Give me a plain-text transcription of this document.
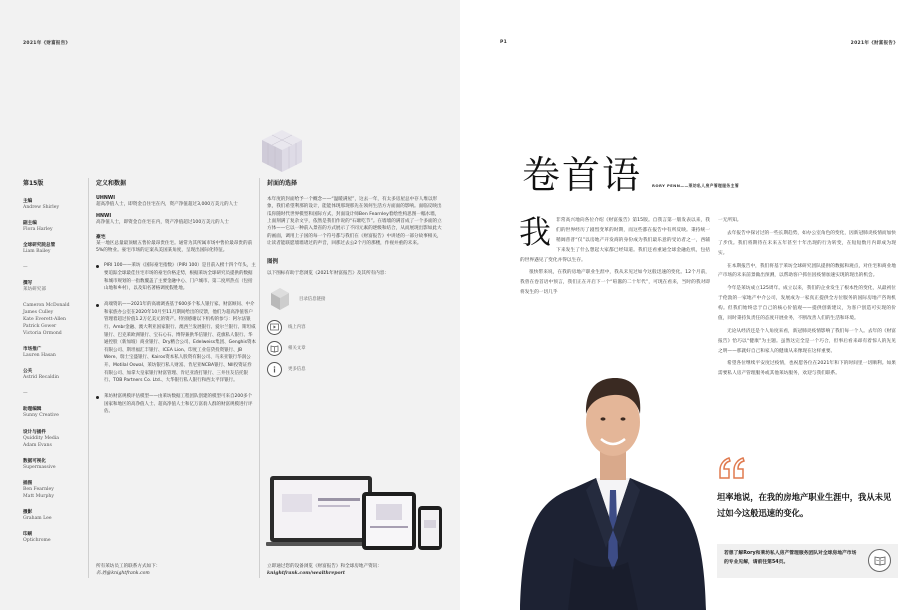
2021年《财富报告》
第15版
主编
Andrew Shirley
副主编
Flora Harley
全球研究院总管
Liam Bailey
—
撰写
莱坊研究部
Cameron McDonald
James Culley
Kate Everett-Allen
Patrick Gower
Victoria Ormond
市场推广
Lauren Hasan
公关
Astrid Recaldin
—
助理编辑
Sunny Creative
设计与插件
Quiddity Media
Adam Evans
数据可视化
Supermassive
插图
Ben Fearnley
Matt Murphy
摄影
Graham Lee
印刷
Optichrome
定义和数据
UHNWI
超高净值人士，即资金自住宅在内，资产净值超过3,000万美元的人士
HNWI
高净值人士，即资金自住宅在内，资产净值超过100万美元的人士
豪宅
某一地区总量最顶级五售价最昂贵住宅。通常为其所属市场中售价最昂贵的前5%的物业。豪宅市场的定案从美国某角度，呈现出国际化特征。
PIRI 100——莱坊《国际豪宅指数》（PIRI 100）是目前入榜十四个年头，主要追踪全球最佳住宅市场的豪宅价格走势，根据莱坊全球研究员提供的数据和城市规划的一指数覆盖了主要金融中心、门户城市、第二度所热点（包括山地和乡村），以及知名著格调度假胜地。
高端资讯——2021年的高端调查基于600多个私人银行家、财富顾问、中介和家族办公室在2020年10月至11月期间给出的反馈，他们为超高净值客户管理着超过价值1.2万亿美元的资产。特别感谢以下机构的参与：阿尔法银行、Ambr金融、澳大利亚国家银行、澳西兰发展银行、爱尔兰银行、斯坦威银行、巴克莱欧洲银行、宝石心石、博得兼供华信银行、花旗私人银行、华通控股（新加坡）商业银行、Dry精合公司、Edelweiss集团、Genghis资本有限公司、斯坦福汇丰银行、ICEA Lion、印度工业信贷投资银行、JB Were、瑞士宝盛银行、Kairos资本私人股资有限公司、马来亚银行华润公开、Motilal Oswal、莱坊银行私人财富、肯尼亚NCBA银行、NII投资证券有限公司、加拿大皇家银行财富管理、肯尼亚渣打银行、三井住友信托银行、TOB Partners Co. Ltd.、大华银行私人银行和西太平洋银行。
莱坊财富规模评估模型——由莱坊数据工程团队创建的模型可来自200多个国家和地区的高净值人士、超高净值人士和亿万富翁人群的财富规模进行评估。
所有莱坊员工的联系方式如下：
名.姓@knightfrank.com
封面的选择
本年度的封面给予一个概念——“温暖满屋”，这去一年，有太多房屋总中存人堆以形象，我们希望利那的设计，能能体现那现那先在领何生活方方面面的影响。面临反映出瓜你随时代世界模型和国际方式，封面设计师Ben Fearnley着绘性构思图一幅水墙，上面刻满了复杂文字，依然是我们作说的“石璀吃节”。在墙墙的满首成了一个多面的立方体——它以一种前入景省的方式展示了不同元素的逐级和结合，从而展现出影如此大的画面，调用上子国的每一个符号都与我们在《财富报告》中讲述的一部分故事相关，让读者能联愿墙墙诸过的声音，回那过去公2个月的那楼，作视并重的未来。
图例
以下图标有助于您浏览《2021年财富报告》及其所有内容：
目录信息链接
线上内容
相关文章
更多信息
立即通过您的设备浏览《财富报告》和全球房地产资讯：
knightfrank.com/wealthreport
P1	2021年《财富报告》
卷首语	RORY PENN——莱坊私人房产管理服务主管
我	非常高兴地向各位介绍《财富报告》第15版。自我言第一版发表以来，我们的世界经历了剧烈变革的时期，而这些都在报告中有所反映。秉持统一稍阔普普“仅”以房地产开发商的身份成为我们最乐意的受访者之一，西辅下来发生了什么想起大家都已经知道。我们还看重通全球金融危机，包括的世界遇见了变化并得以生存。

很快带来说，在我的房地产职业生涯中，我从未见过如今这般迅速的变化。12个月前，我曾在卷首语中预言，我们正在开启下一个“喧嚣的二十年代”，可现在看来，当时的我对即将发生的一切几乎

一无所知。

去年报告中探讨过的一些长期趋势，如办公室角色的变化，因新冠肺炎疫情而加快了步伐。我们将期待在未来五年甚至十年出现的行为转变，在短短数月内即成为现实。

在本期报告中，我们将基于莱坊全球研究团队提供的数据和观点，对住宅和商业地产市场的未来前景做出预测，以帮助客户抓住因疫情加速实现的现出的机会。

今年是莱坊成立125周年。成立以来，我们的企业发生了根本性的变化，从最初位于伦敦的一家地产中介公司，发展成为一家真正提供全方位服务的国际房地产咨询机构。但我们始终忠于自己的核心价值观——提供创新建议，为客户创造可实现的价值，同时秉持负责任的态度开展业务，不断改善人们的生活和环境。

无论从经济还是个人角度来看，新冠肺炎疫情影响了我们每一个人。去年的《财富报告》恰巧以“健康”为主题。虽然这完全是一个巧合，但事后看来却有着惊人的先见之明——那就好自己和家人的健康从来像现在这样重要。

希望各位继续平安度过疫情，也祝愿各位在2021年和下的时间里一切顺利。如果需要私人房产管理服务或其他莱坊服务，欢迎与我们联系。

坦率地说，在我的房地产职业生涯中，我从未见过如今这般迅速的变化。
若想了解Rory和莱坊私人房产管理服务团队对全球房地产市场的专业见解，请前往第54页。
